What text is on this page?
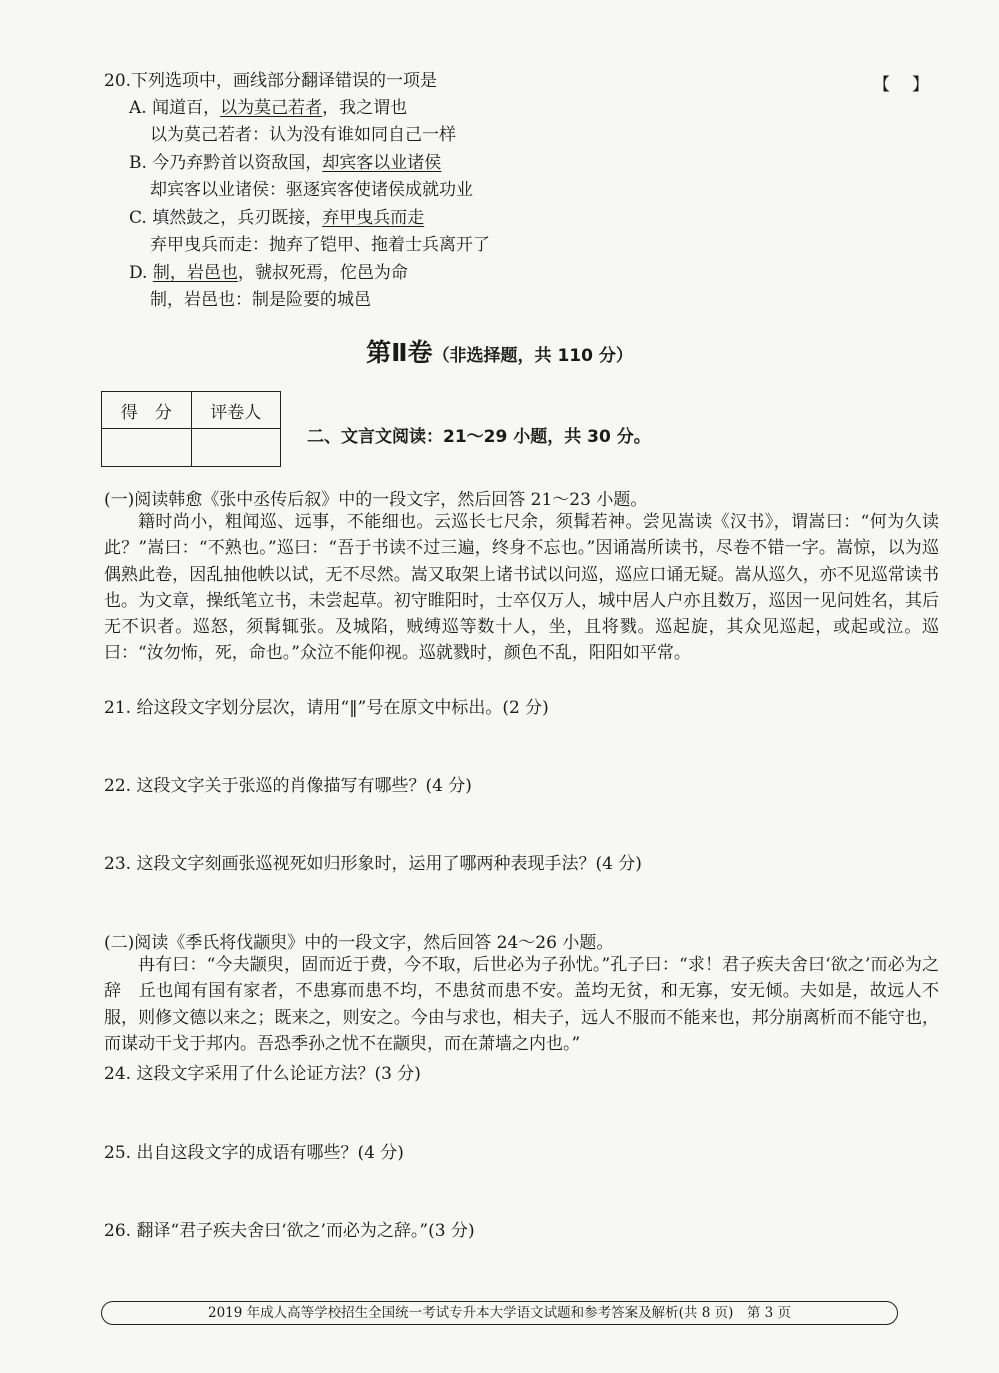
20.下列选项中，画线部分翻译错误的一项是	【】
A. 闻道百，以为莫己若者，我之谓也
以为莫己若者：认为没有谁如同自己一样
B. 今乃弃黔首以资敌国，却宾客以业诸侯
却宾客以业诸侯：驱逐宾客使诸侯成就功业
C. 填然鼓之，兵刃既接，弃甲曳兵而走
弃甲曳兵而走：抛弃了铠甲、拖着士兵离开了
D. 制，岩邑也，虢叔死焉，佗邑为命
制，岩邑也：制是险要的城邑
第Ⅱ卷（非选择题，共 110 分）
得　分	评卷人

二、文言文阅读：21～29 小题，共 30 分。
(一)阅读韩愈《张中丞传后叙》中的一段文字，然后回答 21～23 小题。
籍时尚小，粗闻巡、远事，不能细也。云巡长七尺余，须髯若神。尝见嵩读《汉书》，谓嵩曰：“何为久读此？”嵩曰：“不熟也。”巡曰：“吾于书读不过三遍，终身不忘也。”因诵嵩所读书，尽卷不错一字。嵩惊，以为巡偶熟此卷，因乱抽他帙以试，无不尽然。嵩又取架上诸书试以问巡，巡应口诵无疑。嵩从巡久，亦不见巡常读书也。为文章，操纸笔立书，未尝起草。初守睢阳时，士卒仅万人，城中居人户亦且数万，巡因一见问姓名，其后无不识者。巡怒，须髯辄张。及城陷，贼缚巡等数十人，坐，且将戮。巡起旋，其众见巡起，或起或泣。巡曰：“汝勿怖，死，命也。”众泣不能仰视。巡就戮时，颜色不乱，阳阳如平常。
21. 给这段文字划分层次，请用“‖”号在原文中标出。(2 分)
22. 这段文字关于张巡的肖像描写有哪些？(4 分)
23. 这段文字刻画张巡视死如归形象时，运用了哪两种表现手法？(4 分)
(二)阅读《季氏将伐颛臾》中的一段文字，然后回答 24～26 小题。
冉有曰：“今夫颛臾，固而近于费，今不取，后世必为子孙忧。”孔子曰：“求！君子疾夫舍曰‘欲之’而必为之辞　丘也闻有国有家者，不患寡而患不均，不患贫而患不安。盖均无贫，和无寡，安无倾。夫如是，故远人不服，则修文德以来之；既来之，则安之。今由与求也，相夫子，远人不服而不能来也，邦分崩离析而不能守也，而谋动干戈于邦内。吾恐季孙之忧不在颛臾，而在萧墙之内也。”
24. 这段文字采用了什么论证方法？(3 分)
25. 出自这段文字的成语有哪些？(4 分)
26. 翻译“君子疾夫舍曰‘欲之’而必为之辞。”(3 分)
2019 年成人高等学校招生全国统一考试专升本大学语文试题和参考答案及解析(共 8 页)　第 3 页
